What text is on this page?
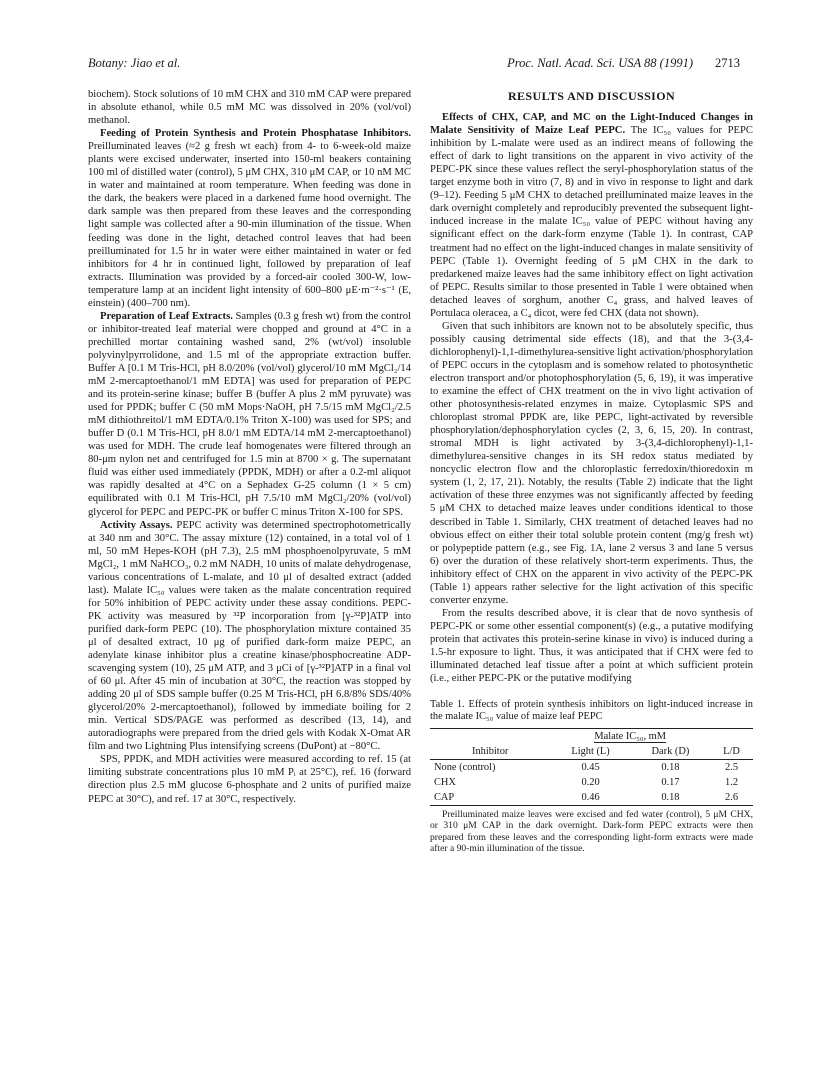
Botany: Jiao et al.	Proc. Natl. Acad. Sci. USA 88 (1991) 2713

biochem). Stock solutions of 10 mM CHX and 310 mM CAP were prepared in absolute ethanol, while 0.5 mM MC was dissolved in 20% (vol/vol) methanol.

Feeding of Protein Synthesis and Protein Phosphatase Inhibitors. Preilluminated leaves (≈2 g fresh wt each) from 4- to 6-week-old maize plants were excised underwater, inserted into 150-ml beakers containing 100 ml of distilled water (control), 5 μM CHX, 310 μM CAP, or 10 nM MC in water and maintained at room temperature. When feeding was done in the dark, the beakers were placed in a darkened fume hood overnight. The dark sample was then prepared from these leaves and the corresponding light sample was collected after a 90-min illumination of the tissue. When feeding was done in the light, detached control leaves that had been preilluminated for 1.5 hr in water were either maintained in water or fed inhibitors for 4 hr in continued light, followed by preparation of leaf extracts. Illumination was provided by a forced-air cooled 300-W, low-temperature lamp at an incident light intensity of 600–800 μE·m⁻²·s⁻¹ (E, einstein) (400–700 nm).

Preparation of Leaf Extracts. Samples (0.3 g fresh wt) from the control or inhibitor-treated leaf material were chopped and ground at 4°C in a prechilled mortar containing washed sand, 2% (wt/vol) insoluble polyvinylpyrrolidone, and 1.5 ml of the appropriate extraction buffer. Buffer A [0.1 M Tris-HCl, pH 8.0/20% (vol/vol) glycerol/10 mM MgCl₂/14 mM 2-mercaptoethanol/1 mM EDTA] was used for preparation of PEPC and its protein-serine kinase; buffer B (buffer A plus 2 mM pyruvate) was used for PPDK; buffer C (50 mM Mops·NaOH, pH 7.5/15 mM MgCl₂/2.5 mM dithiothreitol/1 mM EDTA/0.1% Triton X-100) was used for SPS; and buffer D (0.1 M Tris-HCl, pH 8.0/1 mM EDTA/14 mM 2-mercaptoethanol) was used for MDH. The crude leaf homogenates were filtered through an 80-μm nylon net and centrifuged for 1.5 min at 8700 × g. The supernatant fluid was either used immediately (PPDK, MDH) or after a 0.2-ml aliquot was rapidly desalted at 4°C on a Sephadex G-25 column (1 × 5 cm) equilibrated with 0.1 M Tris-HCl, pH 7.5/10 mM MgCl₂/20% (vol/vol) glycerol for PEPC and PEPC-PK or buffer C minus Triton X-100 for SPS.

Activity Assays. PEPC activity was determined spectrophotometrically at 340 nm and 30°C. The assay mixture (12) contained, in a total vol of 1 ml, 50 mM Hepes-KOH (pH 7.3), 2.5 mM phosphoenolpyruvate, 5 mM MgCl₂, 1 mM NaHCO₃, 0.2 mM NADH, 10 units of malate dehydrogenase, various concentrations of L-malate, and 10 μl of desalted extract (added last). Malate IC₅₀ values were taken as the malate concentration required for 50% inhibition of PEPC activity under these assay conditions. PEPC-PK activity was measured by ³²P incorporation from [γ-³²P]ATP into purified dark-form PEPC (10). The phosphorylation mixture contained 35 μl of desalted extract, 10 μg of purified dark-form maize PEPC, an adenylate kinase inhibitor plus a creatine kinase/phosphocreatine ADP-scavenging system (10), 25 μM ATP, and 3 μCi of [γ-³²P]ATP in a final vol of 60 μl. After 45 min of incubation at 30°C, the reaction was stopped by adding 20 μl of SDS sample buffer (0.25 M Tris-HCl, pH 6.8/8% SDS/40% glycerol/20% 2-mercaptoethanol), followed by immediate boiling for 2 min. Vertical SDS/PAGE was performed as described (13, 14), and autoradiographs were prepared from the dried gels with Kodak X-Omat AR film and two Lightning Plus intensifying screens (DuPont) at −80°C.

SPS, PPDK, and MDH activities were measured according to ref. 15 (at limiting substrate concentrations plus 10 mM Pᵢ at 25°C), ref. 16 (forward direction plus 2.5 mM glucose 6-phosphate and 2 units of purified maize PEPC at 30°C), and ref. 17 at 30°C, respectively.

RESULTS AND DISCUSSION

Effects of CHX, CAP, and MC on the Light-Induced Changes in Malate Sensitivity of Maize Leaf PEPC. The IC₅₀ values for PEPC inhibition by L-malate were used as an indirect means of following the effect of dark to light transitions on the apparent in vivo activity of the PEPC-PK since these values reflect the seryl-phosphorylation status of the target enzyme both in vitro (7, 8) and in vivo in response to light and dark (9–12). Feeding 5 μM CHX to detached preilluminated maize leaves in the dark overnight completely and reproducibly prevented the subsequent light-induced increase in the malate IC₅₀ value of PEPC without having any significant effect on the dark-form enzyme (Table 1). In contrast, CAP treatment had no effect on the light-induced changes in malate sensitivity of PEPC (Table 1). Overnight feeding of 5 μM CHX in the dark to predarkened maize leaves had the same inhibitory effect on light activation of PEPC. Results similar to those presented in Table 1 were obtained when detached leaves of sorghum, another C₄ grass, and halved leaves of Portulaca oleracea, a C₄ dicot, were fed CHX (data not shown).

Given that such inhibitors are known not to be absolutely specific, thus possibly causing detrimental side effects (18), and that the 3-(3,4-dichlorophenyl)-1,1-dimethylurea-sensitive light activation/phosphorylation of PEPC occurs in the cytoplasm and is somehow related to photosynthetic electron transport and/or photophosphorylation (5, 6, 19), it was imperative to examine the effect of CHX treatment on the in vivo light activation of other photosynthesis-related enzymes in maize. Cytoplasmic SPS and chloroplast stromal PPDK are, like PEPC, light-activated by reversible phosphorylation/dephosphorylation cycles (2, 3, 6, 15, 20). In contrast, stromal MDH is light activated by 3-(3,4-dichlorophenyl)-1,1-dimethylurea-sensitive changes in its SH redox status mediated by noncyclic electron flow and the chloroplastic ferredoxin/thioredoxin m system (1, 2, 17, 21). Notably, the results (Table 2) indicate that the light activation of these three enzymes was not significantly affected by feeding 5 μM CHX to detached maize leaves under conditions identical to those described in Table 1. Similarly, CHX treatment of detached leaves had no obvious effect on either their total soluble protein content (mg/g fresh wt) or polypeptide pattern (e.g., see Fig. 1A, lane 2 versus 3 and lane 5 versus 6) over the duration of these relatively short-term experiments. Thus, the inhibitory effect of CHX on the apparent in vivo activity of the PEPC-PK (Table 1) appears rather selective for the light activation of this specific converter enzyme.

From the results described above, it is clear that de novo synthesis of PEPC-PK or some other essential component(s) (e.g., a putative modifying protein that activates this protein-serine kinase in vivo) is induced during a 1.5-hr exposure to light. Thus, it was anticipated that if CHX were fed to illuminated detached leaf tissue after a point at which sufficient protein (i.e., either PEPC-PK or the putative modifying

Table 1. Effects of protein synthesis inhibitors on light-induced increase in the malate IC₅₀ value of maize leaf PEPC

	Malate IC₅₀, mM		
Inhibitor	Light (L)	Dark (D)	L/D
None (control)	0.45	0.18	2.5
CHX	0.20	0.17	1.2
CAP	0.46	0.18	2.6

Preilluminated maize leaves were excised and fed water (control), 5 μM CHX, or 310 μM CAP in the dark overnight. Dark-form PEPC extracts were then prepared from these leaves and the corresponding light-form extracts were made after a 90-min illumination of the tissue.
